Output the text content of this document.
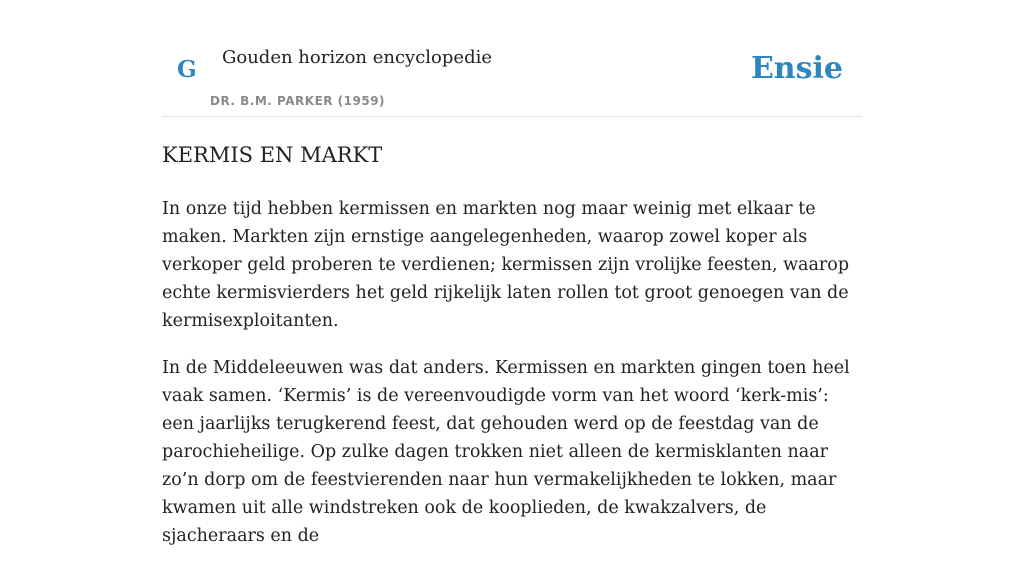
G Gouden horizon encyclopedie
DR. B.M. PARKER (1959)
Ensie
KERMIS EN MARKT

In onze tijd hebben kermissen en markten nog maar weinig met elkaar te maken. Markten zijn ernstige aangelegenheden, waarop zowel koper als verkoper geld proberen te verdienen; kermissen zijn vrolijke feesten, waarop echte kermisvierders het geld rijkelijk laten rollen tot groot genoegen van de kermisexploitanten.

In de Middeleeuwen was dat anders. Kermissen en markten gingen toen heel vaak samen. ‘Kermis’ is de vereenvoudigde vorm van het woord ‘kerk-mis’: een jaarlijks terugkerend feest, dat gehouden werd op de feestdag van de parochieheilige. Op zulke dagen trokken niet alleen de kermisklanten naar zo’n dorp om de feestvierenden naar hun vermakelijkheden te lokken, maar kwamen uit alle windstreken ook de kooplieden, de kwakzalvers, de sjacheraars en de
